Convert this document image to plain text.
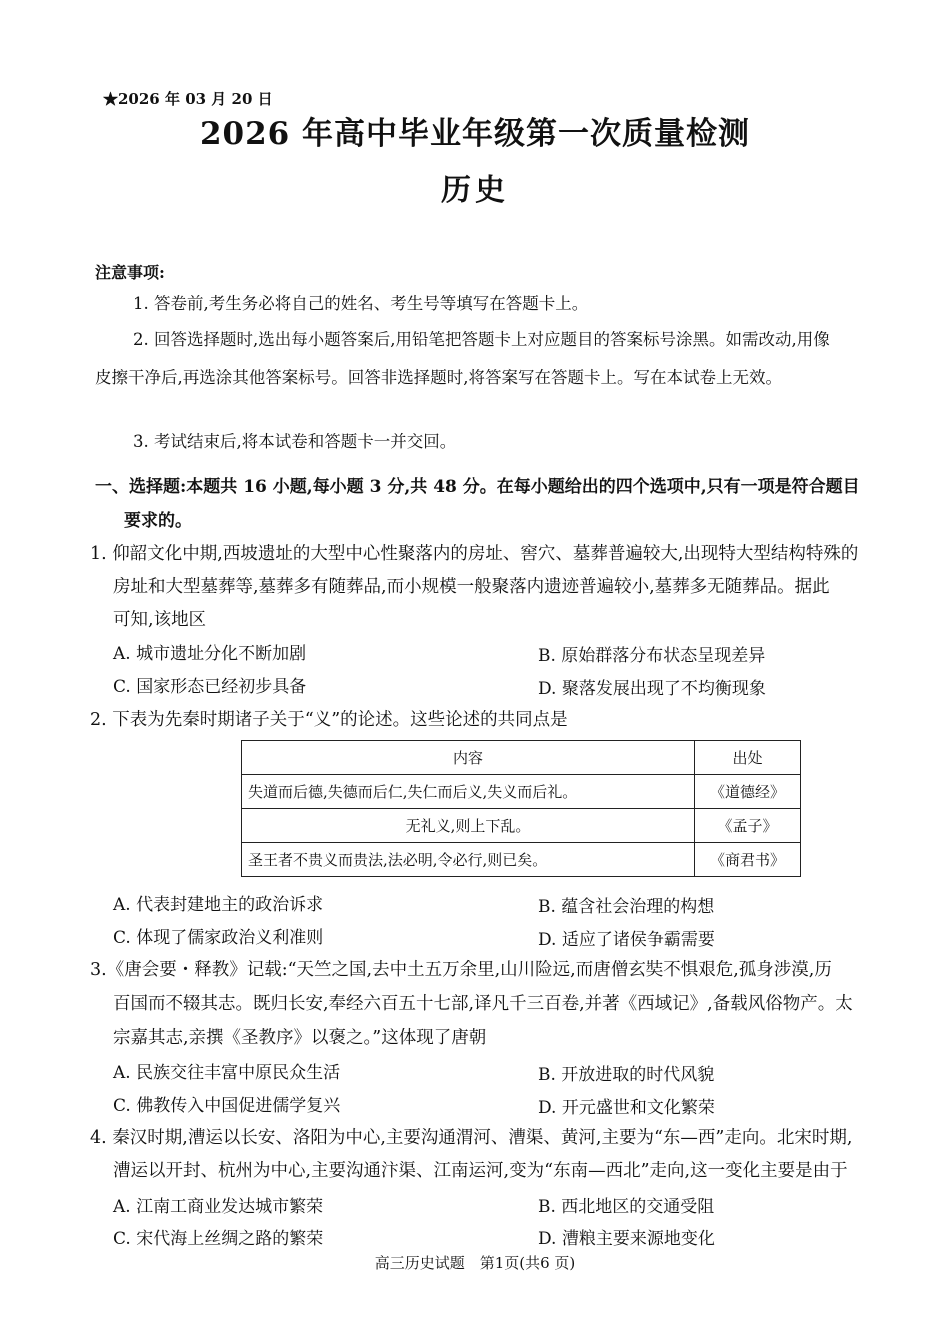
★2026 年 03 月 20 日
2026 年高中毕业年级第一次质量检测
历史
注意事项:
1. 答卷前,考生务必将自己的姓名、考生号等填写在答题卡上。
2. 回答选择题时,选出每小题答案后,用铅笔把答题卡上对应题目的答案标号涂黑。如需改动,用像
皮擦干净后,再选涂其他答案标号。回答非选择题时,将答案写在答题卡上。写在本试卷上无效。
3. 考试结束后,将本试卷和答题卡一并交回。
一、选择题:本题共 16 小题,每小题 3 分,共 48 分。在每小题给出的四个选项中,只有一项是符合题目
要求的。
1. 仰韶文化中期,西坡遗址的大型中心性聚落内的房址、窖穴、墓葬普遍较大,出现特大型结构特殊的
房址和大型墓葬等,墓葬多有随葬品,而小规模一般聚落内遗迹普遍较小,墓葬多无随葬品。据此
可知,该地区
A. 城市遗址分化不断加剧	B. 原始群落分布状态呈现差异
C. 国家形态已经初步具备	D. 聚落发展出现了不均衡现象
2. 下表为先秦时期诸子关于“义”的论述。这些论述的共同点是
内容	出处
失道而后德,失德而后仁,失仁而后义,失义而后礼。	《道德经》
无礼义,则上下乱。	《孟子》
圣王者不贵义而贵法,法必明,令必行,则已矣。	《商君书》
A. 代表封建地主的政治诉求	B. 蕴含社会治理的构想
C. 体现了儒家政治义利准则	D. 适应了诸侯争霸需要
3.《唐会要・释教》记载:“天竺之国,去中土五万余里,山川险远,而唐僧玄奘不惧艰危,孤身涉漠,历
百国而不辍其志。既归长安,奉经六百五十七部,译凡千三百卷,并著《西域记》,备载风俗物产。太
宗嘉其志,亲撰《圣教序》以褒之。”这体现了唐朝
A. 民族交往丰富中原民众生活	B. 开放进取的时代风貌
C. 佛教传入中国促进儒学复兴	D. 开元盛世和文化繁荣
4. 秦汉时期,漕运以长安、洛阳为中心,主要沟通渭河、漕渠、黄河,主要为“东—西”走向。北宋时期,
漕运以开封、杭州为中心,主要沟通汴渠、江南运河,变为“东南—西北”走向,这一变化主要是由于
A. 江南工商业发达城市繁荣	B. 西北地区的交通受阻
C. 宋代海上丝绸之路的繁荣	D. 漕粮主要来源地变化
高三历史试题　第1页(共6 页)
